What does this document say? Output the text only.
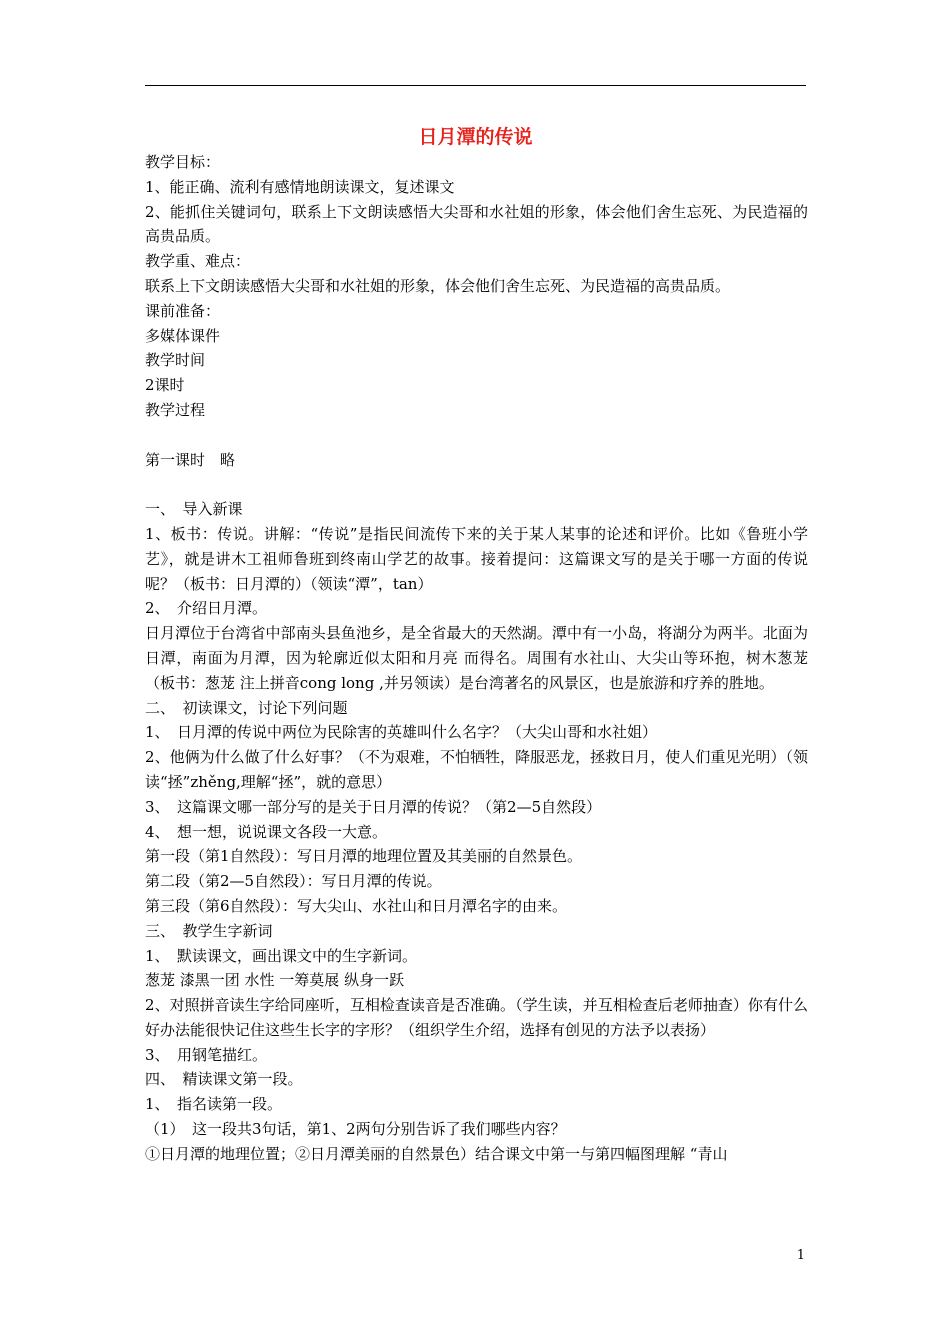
日月潭的传说

教学目标：

1、能正确、流利有感情地朗读课文，复述课文

2、能抓住关键词句，联系上下文朗读感悟大尖哥和水社姐的形象，体会他们舍生忘死、为民造福的高贵品质。

教学重、难点：

联系上下文朗读感悟大尖哥和水社姐的形象，体会他们舍生忘死、为民造福的高贵品质。

课前准备：

多媒体课件

教学时间

2课时

教学过程

第一课时　略

一、　导入新课

1、板书：传说。讲解：“传说”是指民间流传下来的关于某人某事的论述和评价。比如《鲁班小学艺》，就是讲木工祖师鲁班到终南山学艺的故事。接着提问：这篇课文写的是关于哪一方面的传说呢？（板书：日月潭的）（领读“潭”，tan）

2、　介绍日月潭。

日月潭位于台湾省中部南头县鱼池乡，是全省最大的天然湖。潭中有一小岛，将湖分为两半。北面为日潭，南面为月潭，因为轮廓近似太阳和月亮 而得名。周围有水社山、大尖山等环抱，树木葱茏（板书：葱茏 注上拼音cong long ,并另领读）是台湾著名的风景区，也是旅游和疗养的胜地。

二、　初读课文，讨论下列问题

1、　日月潭的传说中两位为民除害的英雄叫什么名字？（大尖山哥和水社姐）

2、他俩为什么做了什么好事？（不为艰难，不怕牺牲，降服恶龙，拯救日月，使人们重见光明）（领读“拯”zhěng,理解“拯”，就的意思）

3、　这篇课文哪一部分写的是关于日月潭的传说？（第2—5自然段）

4、　想一想，说说课文各段一大意。

第一段（第1自然段）：写日月潭的地理位置及其美丽的自然景色。

第二段（第2—5自然段）：写日月潭的传说。

第三段（第6自然段）：写大尖山、水社山和日月潭名字的由来。

三、　教学生字新词

1、　默读课文，画出课文中的生字新词。

葱茏 漆黑一团 水性 一筹莫展 纵身一跃

2、对照拼音读生字给同座听，互相检查读音是否准确。（学生读，并互相检查后老师抽查）你有什么好办法能很快记住这些生长字的字形？（组织学生介绍，选择有创见的方法予以表扬）

3、　用钢笔描红。

四、　精读课文第一段。

1、　指名读第一段。

（1）　这一段共3句话，第1、2两句分别告诉了我们哪些内容？

①日月潭的地理位置；②日月潭美丽的自然景色）结合课文中第一与第四幅图理解 “青山

1
